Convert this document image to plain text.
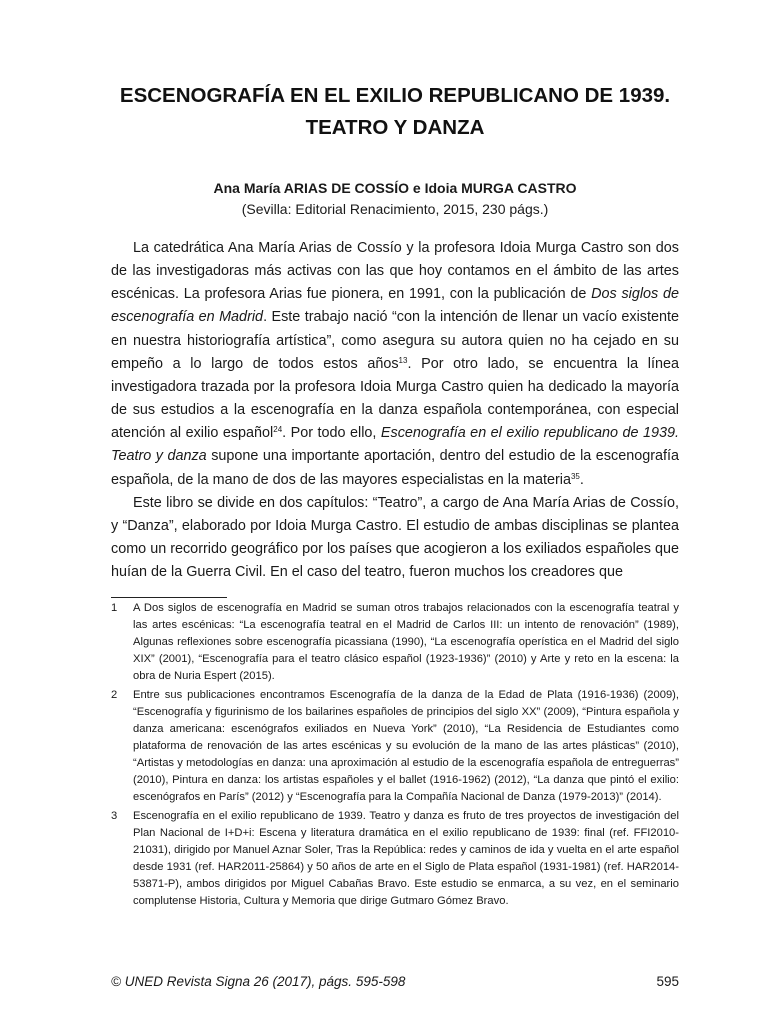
ESCENOGRAFÍA EN EL EXILIO REPUBLICANO DE 1939.
TEATRO Y DANZA
Ana María ARIAS DE COSSÍO e Idoia MURGA CASTRO
(Sevilla: Editorial Renacimiento, 2015, 230 págs.)

La catedrática Ana María Arias de Cossío y la profesora Idoia Murga Castro son dos de las investigadoras más activas con las que hoy contamos en el ámbito de las artes escénicas. La profesora Arias fue pionera, en 1991, con la publicación de Dos siglos de escenografía en Madrid. Este trabajo nació “con la intención de llenar un vacío existente en nuestra historiografía artística”, como asegura su autora quien no ha cejado en su empeño a lo largo de todos estos años$^{13}$. Por otro lado, se encuentra la línea investigadora trazada por la profesora Idoia Murga Castro quien ha dedicado la mayoría de sus estudios a la escenografía en la danza española contemporánea, con especial atención al exilio español$^{24}$. Por todo ello, Escenografía en el exilio republicano de 1939. Teatro y danza supone una importante aportación, dentro del estudio de la escenografía española, de la mano de dos de las mayores especialistas en la materia$^{35}$.

Este libro se divide en dos capítulos: “Teatro”, a cargo de Ana María Arias de Cossío, y “Danza”, elaborado por Idoia Murga Castro. El estudio de ambas disciplinas se plantea como un recorrido geográfico por los países que acogieron a los exiliados españoles que huían de la Guerra Civil. En el caso del teatro, fueron muchos los creadores que

1 A Dos siglos de escenografía en Madrid se suman otros trabajos relacionados con la escenografía teatral y las artes escénicas: “La escenografía teatral en el Madrid de Carlos III: un intento de renovación” (1989), Algunas reflexiones sobre escenografía picassiana (1990), “La escenografía operística en el Madrid del siglo XIX” (2001), “Escenografía para el teatro clásico español (1923-1936)” (2010) y Arte y reto en la escena: la obra de Nuria Espert (2015).
2 Entre sus publicaciones encontramos Escenografía de la danza de la Edad de Plata (1916-1936) (2009), “Escenografía y figurinismo de los bailarines españoles de principios del siglo XX” (2009), “Pintura española y danza americana: escenógrafos exiliados en Nueva York” (2010), “La Residencia de Estudiantes como plataforma de renovación de las artes escénicas y su evolución de la mano de las artes plásticas” (2010), “Artistas y metodologías en danza: una aproximación al estudio de la escenografía española de entreguerras” (2010), Pintura en danza: los artistas españoles y el ballet (1916-1962) (2012), “La danza que pintó el exilio: escenógrafos en París” (2012) y “Escenografía para la Compañía Nacional de Danza (1979-2013)” (2014).
3 Escenografía en el exilio republicano de 1939. Teatro y danza es fruto de tres proyectos de investigación del Plan Nacional de I+D+i: Escena y literatura dramática en el exilio republicano de 1939: final (ref. FFI2010-21031), dirigido por Manuel Aznar Soler, Tras la República: redes y caminos de ida y vuelta en el arte español desde 1931 (ref. HAR2011-25864) y 50 años de arte en el Siglo de Plata español (1931-1981) (ref. HAR2014-53871-P), ambos dirigidos por Miguel Cabañas Bravo. Este estudio se enmarca, a su vez, en el seminario complutense Historia, Cultura y Memoria que dirige Gutmaro Gómez Bravo.
© UNED Revista Signa 26 (2017), págs. 595-598	595
